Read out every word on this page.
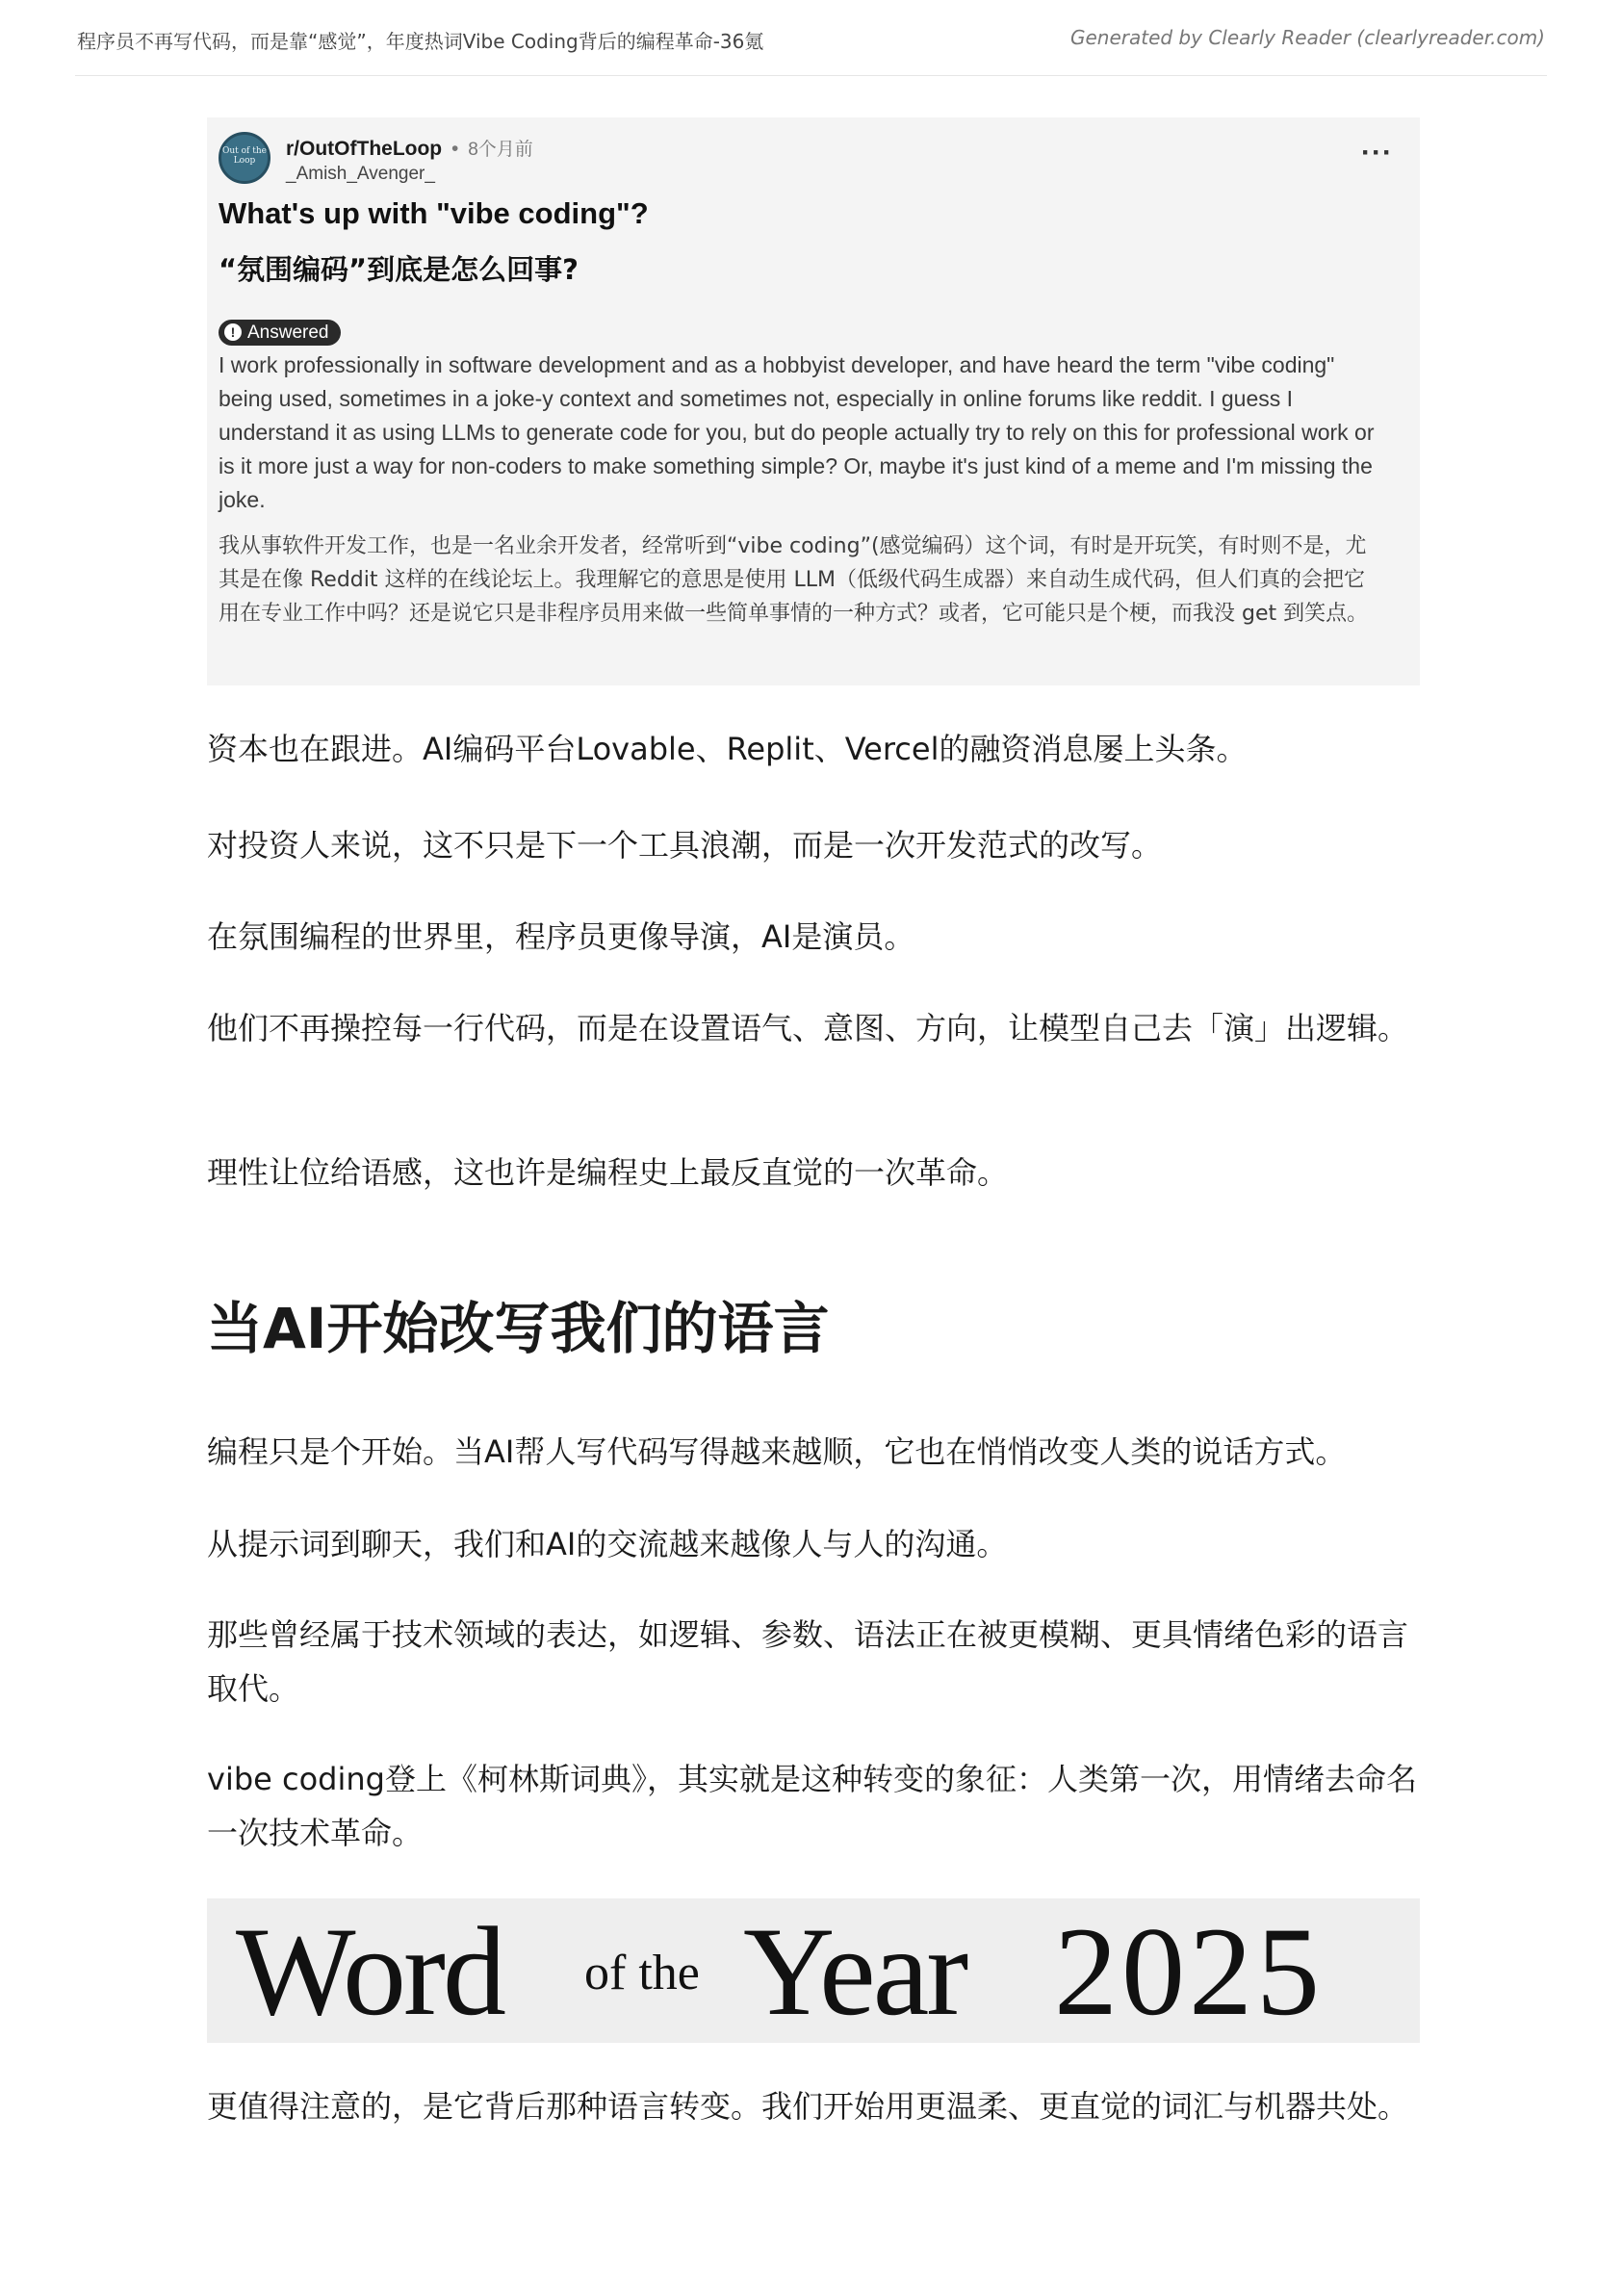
程序员不再写代码，而是靠“感觉”，年度热词Vibe Coding背后的编程革命-36氪	Generated by Clearly Reader (clearlyreader.com)
Out of the Loop
r/OutOfTheLoop • 8个月前
_Amish_Avenger_
···
What's up with "vibe coding"?
“氛围编码”到底是怎么回事?
! Answered
I work professionally in software development and as a hobbyist developer, and have heard the term "vibe coding" being used, sometimes in a joke-y context and sometimes not, especially in online forums like reddit. I guess I understand it as using LLMs to generate code for you, but do people actually try to rely on this for professional work or is it more just a way for non-coders to make something simple? Or, maybe it's just kind of a meme and I'm missing the joke.
我从事软件开发工作，也是一名业余开发者，经常听到“vibe coding”(感觉编码）这个词，有时是开玩笑，有时则不是，尤其是在像 Reddit 这样的在线论坛上。我理解它的意思是使用 LLM（低级代码生成器）来自动生成代码，但人们真的会把它用在专业工作中吗？还是说它只是非程序员用来做一些简单事情的一种方式？或者，它可能只是个梗，而我没 get 到笑点。

资本也在跟进。AI编码平台Lovable、Replit、Vercel的融资消息屡上头条。

对投资人来说，这不只是下一个工具浪潮，而是一次开发范式的改写。

在氛围编程的世界里，程序员更像导演，AI是演员。

他们不再操控每一行代码，而是在设置语气、意图、方向，让模型自己去「演」出逻辑。

理性让位给语感，这也许是编程史上最反直觉的一次革命。

当AI开始改写我们的语言

编程只是个开始。当AI帮人写代码写得越来越顺，它也在悄悄改变人类的说话方式。

从提示词到聊天，我们和AI的交流越来越像人与人的沟通。

那些曾经属于技术领域的表达，如逻辑、参数、语法正在被更模糊、更具情绪色彩的语言取代。

vibe coding登上《柯林斯词典》，其实就是这种转变的象征：人类第一次，用情绪去命名一次技术革命。

Word of the Year 2025

更值得注意的，是它背后那种语言转变。我们开始用更温柔、更直觉的词汇与机器共处。
